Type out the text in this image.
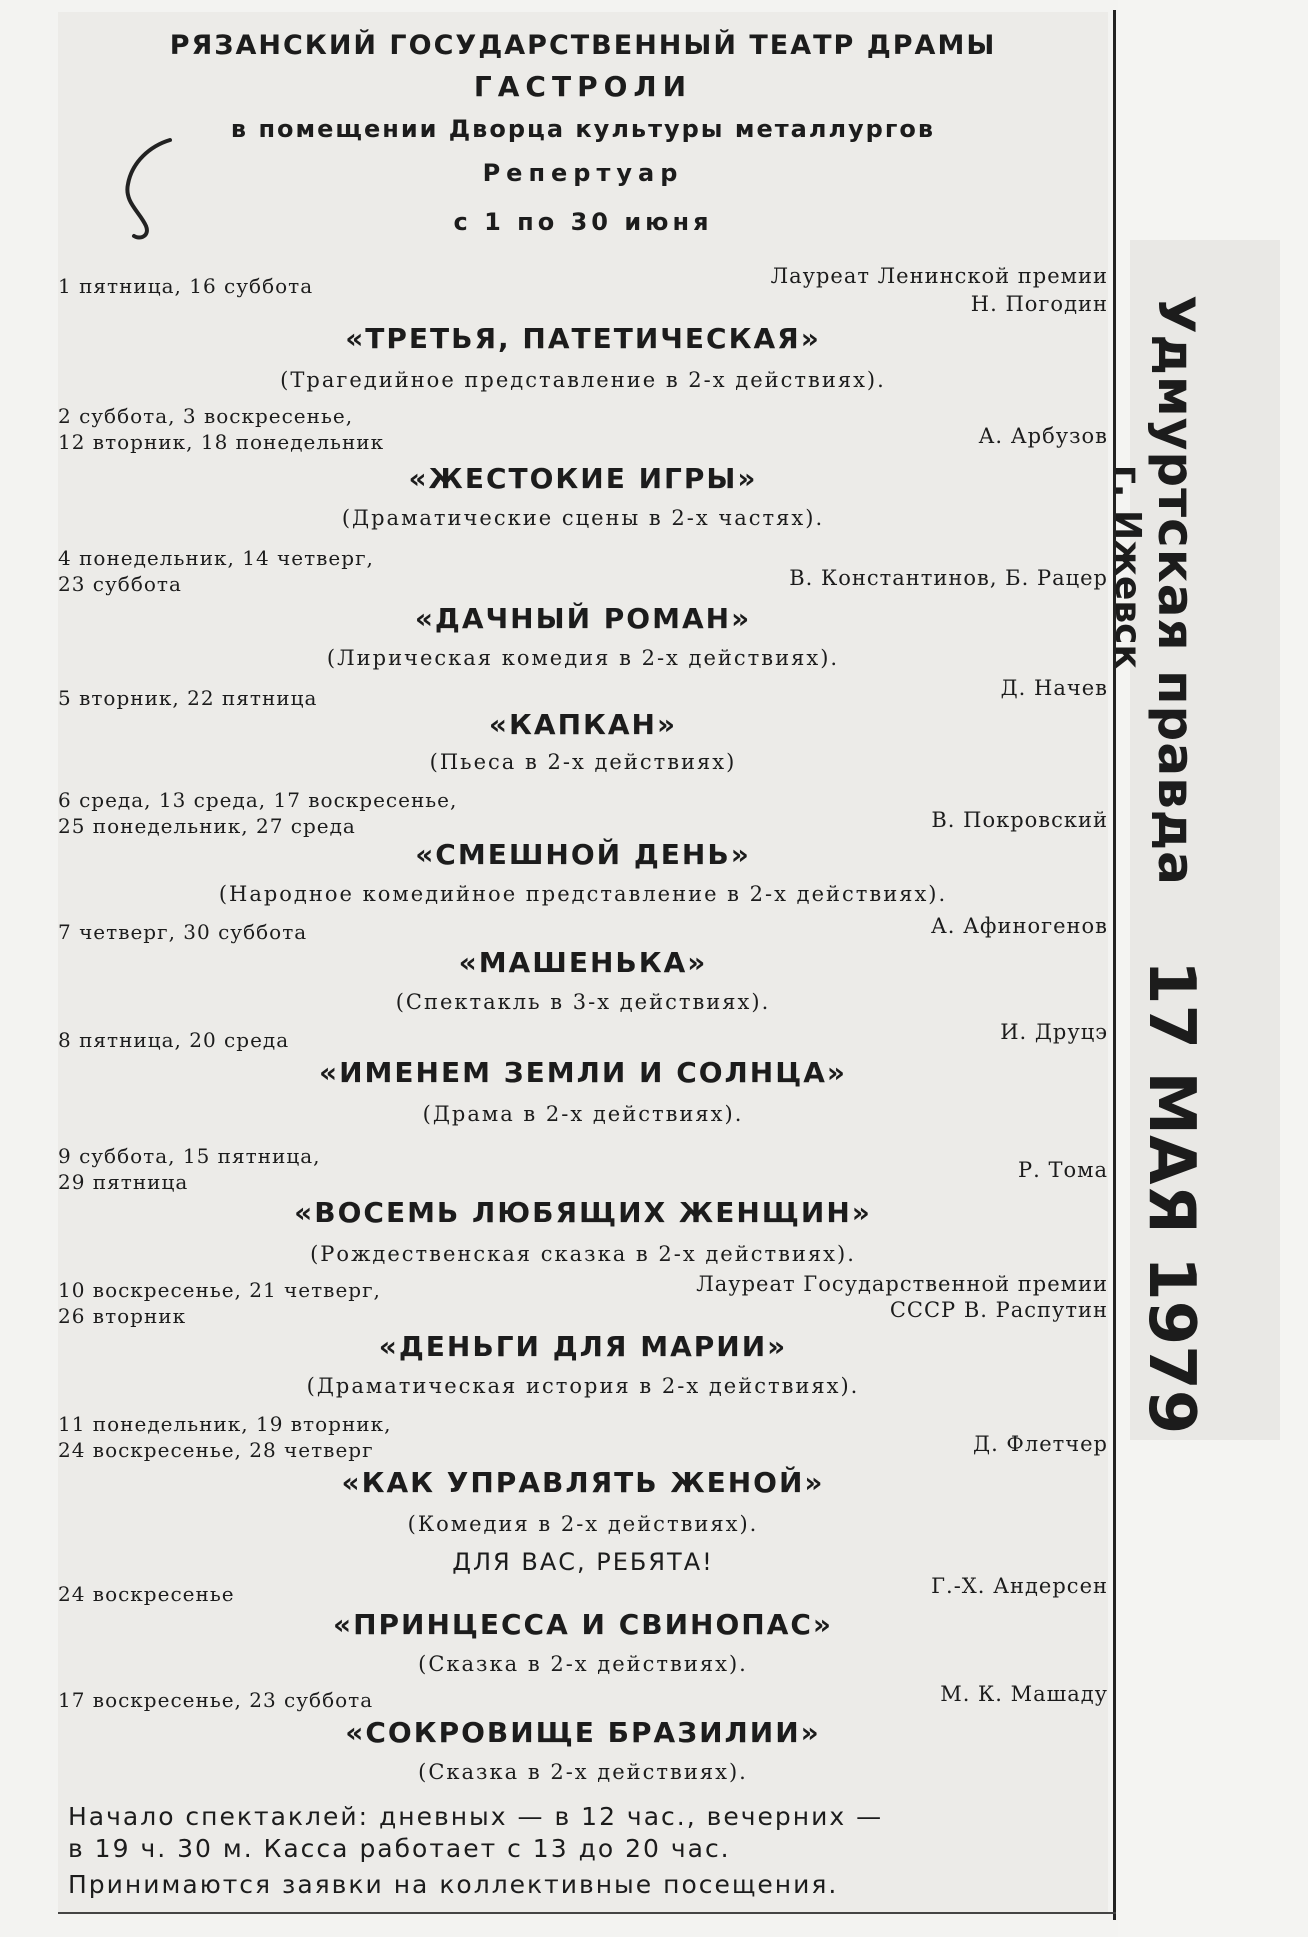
РЯЗАНСКИЙ ГОСУДАРСТВЕННЫЙ ТЕАТР ДРАМЫ
ГАСТРОЛИ
в помещении Дворца культуры металлургов
Репертуар
с 1 по 30 июня
1 пятница, 16 суббота	Лауреат Ленинской премии
Н. Погодин
«ТРЕТЬЯ, ПАТЕТИЧЕСКАЯ»
(Трагедийное представление в 2-х действиях).
2 суббота, 3 воскресенье,
12 вторник, 18 понедельник	А. Арбузов
«ЖЕСТОКИЕ ИГРЫ»
(Драматические сцены в 2-х частях).
4 понедельник, 14 четверг,
23 суббота	В. Константинов, Б. Рацер
«ДАЧНЫЙ РОМАН»
(Лирическая комедия в 2-х действиях).
5 вторник, 22 пятница	Д. Начев
«КАПКАН»
(Пьеса в 2-х действиях)
6 среда, 13 среда, 17 воскресенье,
25 понедельник, 27 среда	В. Покровский
«СМЕШНОЙ ДЕНЬ»
(Народное комедийное представление в 2-х действиях).
7 четверг, 30 суббота	А. Афиногенов
«МАШЕНЬКА»
(Спектакль в 3-х действиях).
8 пятница, 20 среда	И. Друцэ
«ИМЕНЕМ ЗЕМЛИ И СОЛНЦА»
(Драма в 2-х действиях).
9 суббота, 15 пятница,
29 пятница	Р. Тома
«ВОСЕМЬ ЛЮБЯЩИХ ЖЕНЩИН»
(Рождественская сказка в 2-х действиях).
10 воскресенье, 21 четверг,
26 вторник
Лауреат Государственной премии
СССР В. Распутин
«ДЕНЬГИ ДЛЯ МАРИИ»
(Драматическая история в 2-х действиях).
11 понедельник, 19 вторник,
24 воскресенье, 28 четверг	Д. Флетчер
«КАК УПРАВЛЯТЬ ЖЕНОЙ»
(Комедия в 2-х действиях).
ДЛЯ ВАС, РЕБЯТА!
24 воскресенье	Г.-Х. Андерсен
«ПРИНЦЕССА И СВИНОПАС»
(Сказка в 2-х действиях).
17 воскресенье, 23 суббота	М. К. Машаду
«СОКРОВИЩЕ БРАЗИЛИИ»
(Сказка в 2-х действиях).
Начало спектаклей: дневных — в 12 час., вечерних —
в 19 ч. 30 м. Касса работает с 13 до 20 час.
Принимаются заявки на коллективные посещения.
Удмуртская правда
г. Ижевск
17 МАЯ 1979
